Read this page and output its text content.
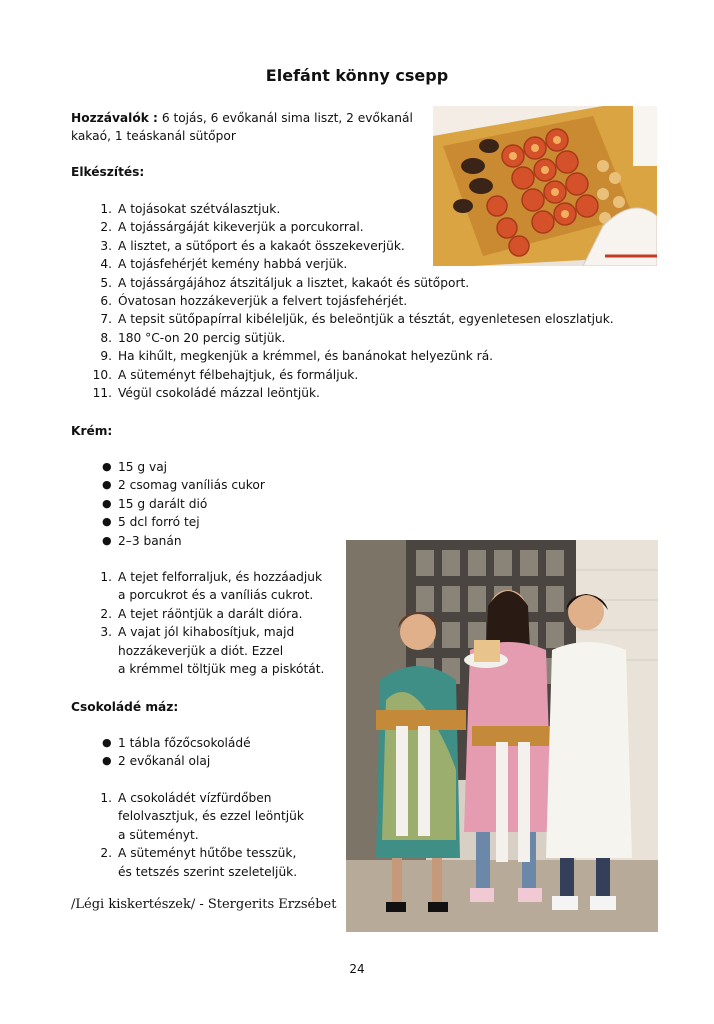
Elefánt könny csepp
Hozzávalók : 6 tojás, 6 evőkanál sima liszt, 2 evőkanál
kakaó, 1 teáskanál sütőpor
Elkészítés:
1. A tojásokat szétválasztjuk.
2. A tojássárgáját kikeverjük a porcukorral.
3. A lisztet, a sütőport és a kakaót összekeverjük.
4. A tojásfehérjét kemény habbá verjük.
5. A tojássárgájához átszitáljuk a lisztet, kakaót és sütőport.
6. Óvatosan hozzákeverjük a felvert tojásfehérjét.
7. A tepsit sütőpapírral kibéleljük, és beleöntjük a tésztát, egyenletesen eloszlatjuk.
8. 180 °C-on 20 percig sütjük.
9. Ha kihűlt, megkenjük a krémmel, és banánokat helyezünk rá.
10. A süteményt félbehajtjuk, és formáljuk.
11. Végül csokoládé mázzal leöntjük.
Krém:
● 15 g vaj
● 2 csomag vaníliás cukor
● 15 g darált dió
● 5 dcl forró tej
● 2–3 banán
1. A tejet felforraljuk, és hozzáadjuk
a porcukrot és a vaníliás cukrot.
2. A tejet ráöntjük a darált dióra.
3. A vajat jól kihabosítjuk, majd
hozzákeverjük a diót. Ezzel
a krémmel töltjük meg a piskótát.
Csokoládé máz:
● 1 tábla főzőcsokoládé
● 2 evőkanál olaj
1. A csokoládét vízfürdőben
felolvasztjuk, és ezzel leöntjük
a süteményt.
2. A süteményt hűtőbe tesszük,
és tetszés szerint szeleteljük.
/Légi kiskertészek/ - Stergerits Erzsébet
24
